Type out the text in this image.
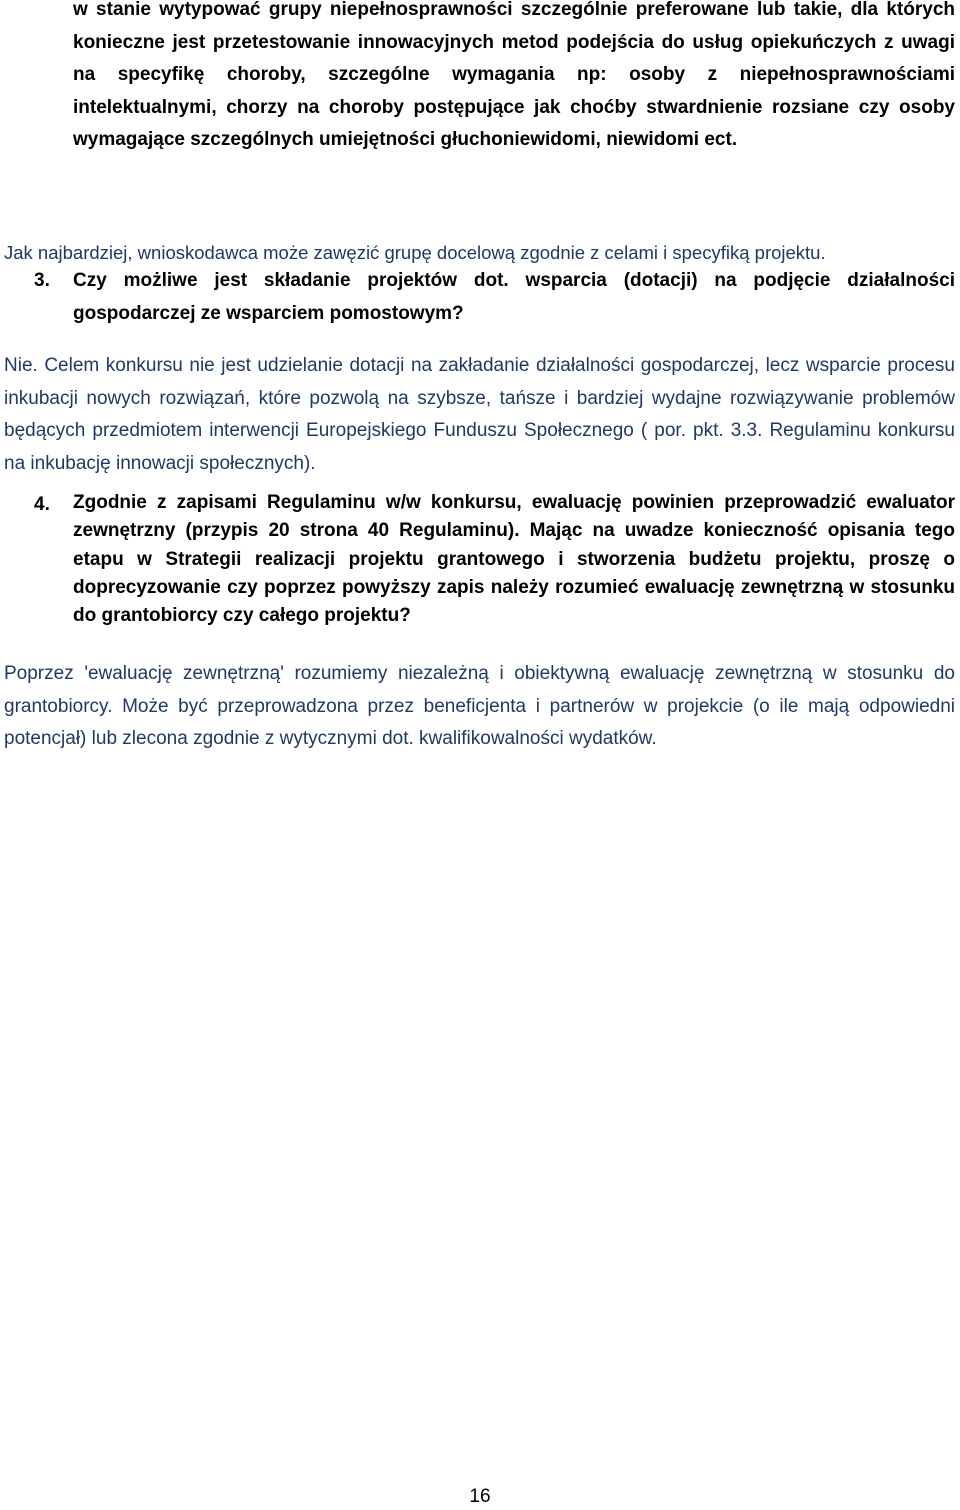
w stanie wytypować grupy niepełnosprawności szczególnie preferowane lub takie, dla których konieczne jest przetestowanie innowacyjnych metod podejścia do usług opiekuńczych z uwagi na specyfikę choroby, szczególne wymagania np: osoby z niepełnosprawnościami intelektualnymi, chorzy na choroby postępujące jak choćby stwardnienie rozsiane czy osoby wymagające szczególnych umiejętności głuchoniewidomi, niewidomi ect.
Jak najbardziej, wnioskodawca może zawęzić grupę docelową zgodnie z celami i specyfiką projektu.
3. Czy możliwe jest składanie projektów dot. wsparcia (dotacji) na podjęcie działalności gospodarczej ze wsparciem pomostowym?
Nie. Celem konkursu nie jest udzielanie dotacji na zakładanie działalności gospodarczej, lecz wsparcie procesu inkubacji nowych rozwiązań, które pozwolą na szybsze, tańsze i bardziej wydajne rozwiązywanie problemów będących przedmiotem interwencji Europejskiego Funduszu Społecznego ( por. pkt. 3.3. Regulaminu konkursu na inkubację innowacji społecznych).
4. Zgodnie z zapisami Regulaminu w/w konkursu, ewaluację powinien przeprowadzić ewaluator zewnętrzny (przypis 20 strona 40 Regulaminu). Mając na uwadze konieczność opisania tego etapu w Strategii realizacji projektu grantowego i stworzenia budżetu projektu, proszę o doprecyzowanie czy poprzez powyższy zapis należy rozumieć ewaluację zewnętrzną w stosunku do grantobiorcy czy całego projektu?
Poprzez 'ewaluację zewnętrzną' rozumiemy niezależną i obiektywną ewaluację zewnętrzną w stosunku do grantobiorcy. Może być przeprowadzona przez beneficjenta i partnerów w projekcie (o ile mają odpowiedni potencjał) lub zlecona zgodnie z wytycznymi dot. kwalifikowalności wydatków.
16
